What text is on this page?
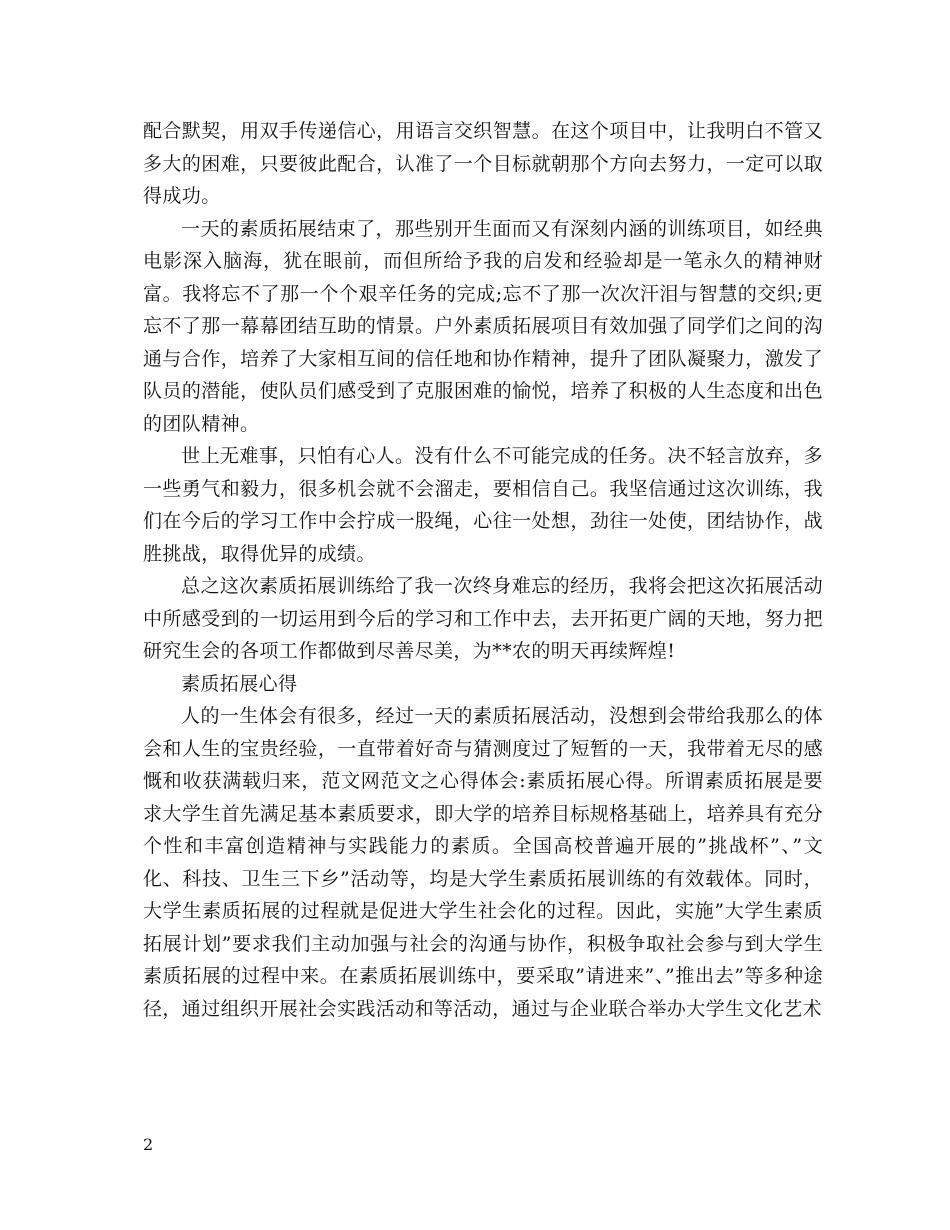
配合默契，用双手传递信心，用语言交织智慧。在这个项目中，让我明白不管又多大的困难，只要彼此配合，认准了一个目标就朝那个方向去努力，一定可以取得成功。

一天的素质拓展结束了，那些别开生面而又有深刻内涵的训练项目，如经典电影深入脑海，犹在眼前，而但所给予我的启发和经验却是一笔永久的精神财富。我将忘不了那一个个艰辛任务的完成;忘不了那一次次汗泪与智慧的交织;更忘不了那一幕幕团结互助的情景。户外素质拓展项目有效加强了同学们之间的沟通与合作，培养了大家相互间的信任地和协作精神，提升了团队凝聚力，激发了队员的潜能，使队员们感受到了克服困难的愉悦，培养了积极的人生态度和出色的团队精神。

世上无难事，只怕有心人。没有什么不可能完成的任务。决不轻言放弃，多一些勇气和毅力，很多机会就不会溜走，要相信自己。我坚信通过这次训练，我们在今后的学习工作中会拧成一股绳，心往一处想，劲往一处使，团结协作，战胜挑战，取得优异的成绩。

总之这次素质拓展训练给了我一次终身难忘的经历，我将会把这次拓展活动中所感受到的一切运用到今后的学习和工作中去，去开拓更广阔的天地，努力把研究生会的各项工作都做到尽善尽美，为**农的明天再续辉煌!

素质拓展心得

人的一生体会有很多，经过一天的素质拓展活动，没想到会带给我那么的体会和人生的宝贵经验，一直带着好奇与猜测度过了短暂的一天，我带着无尽的感慨和收获满载归来，范文网范文之心得体会:素质拓展心得。所谓素质拓展是要求大学生首先满足基本素质要求，即大学的培养目标规格基础上，培养具有充分个性和丰富创造精神与实践能力的素质。全国高校普遍开展的”挑战杯”、”文化、科技、卫生三下乡”活动等，均是大学生素质拓展训练的有效载体。同时，大学生素质拓展的过程就是促进大学生社会化的过程。因此，实施”大学生素质拓展计划”要求我们主动加强与社会的沟通与协作，积极争取社会参与到大学生素质拓展的过程中来。在素质拓展训练中，要采取”请进来”、”推出去”等多种途径，通过组织开展社会实践活动和等活动，通过与企业联合举办大学生文化艺术

2
